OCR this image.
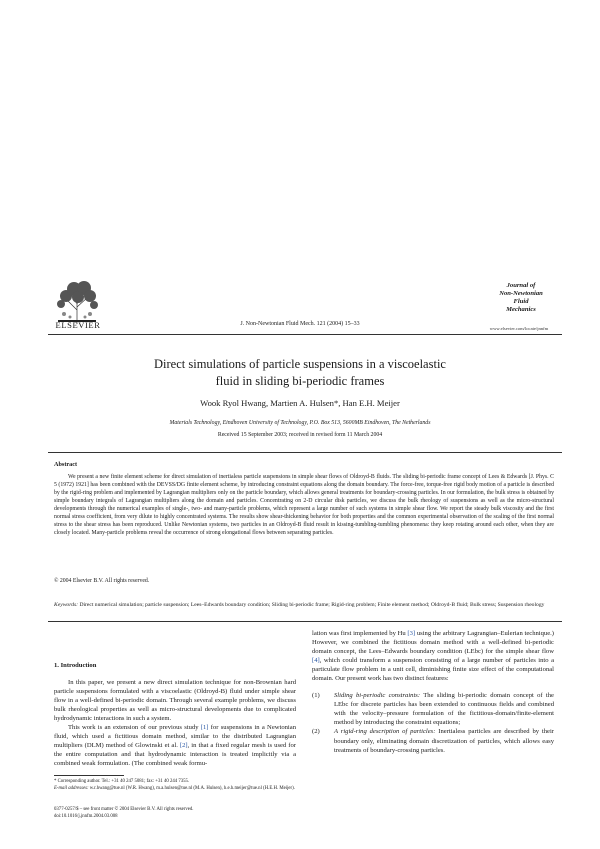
ELSEVIER	J. Non-Newtonian Fluid Mech. 121 (2004) 15–33
Journal of
Non-Newtonian
Fluid
Mechanics
www.elsevier.com/locate/jnnfm
Direct simulations of particle suspensions in a viscoelastic
fluid in sliding bi-periodic frames
Wook Ryol Hwang, Martien A. Hulsen*, Han E.H. Meijer
Materials Technology, Eindhoven University of Technology, P.O. Box 513, 5600MB Eindhoven, The Netherlands
Received 15 September 2003; received in revised form 11 March 2004
Abstract
We present a new finite element scheme for direct simulation of inertialess particle suspensions in simple shear flows of Oldroyd-B fluids. The sliding bi-periodic frame concept of Lees & Edwards [J. Phys. C 5 (1972) 1921] has been combined with the DEVSS/DG finite element scheme, by introducing constraint equations along the domain boundary. The force-free, torque-free rigid body motion of a particle is described by the rigid-ring problem and implemented by Lagrangian multipliers only on the particle boundary, which allows general treatments for boundary-crossing particles. In our formulation, the bulk stress is obtained by simple boundary integrals of Lagrangian multipliers along the domain and particles. Concentrating on 2-D circular disk particles, we discuss the bulk rheology of suspensions as well as the micro-structural developments through the numerical examples of single-, two- and many-particle problems, which represent a large number of such systems in simple shear flow. We report the steady bulk viscosity and the first normal stress coefficient, from very dilute to highly concentrated systems. The results show shear-thickening behavior for both properties and the common experimental observation of the scaling of the first normal stress to the shear stress has been reproduced. Unlike Newtonian systems, two particles in an Oldroyd-B fluid result in kissing-tumbling-tumbling phenomena: they keep rotating around each other, when they are closely located. Many-particle problems reveal the occurrence of strong elongational flows between separating particles.
© 2004 Elsevier B.V. All rights reserved.
Keywords: Direct numerical simulation; particle suspension; Lees–Edwards boundary condition; Sliding bi-periodic frame; Rigid-ring problem; Finite element method; Oldroyd-B fluid; Bulk stress; Suspension rheology
1. Introduction

In this paper, we present a new direct simulation technique for non-Brownian hard particle suspensions formulated with a viscoelastic (Oldroyd-B) fluid under simple shear flow in a well-defined bi-periodic domain. Through several example problems, we discuss bulk rheological properties as well as micro-structural developments due to complicated hydrodynamic interactions in such a system.

This work is an extension of our previous study [1] for suspensions in a Newtonian fluid, which used a fictitious domain method, similar to the distributed Lagrangian multipliers (DLM) method of Glowinski et al. [2], in that a fixed regular mesh is used for the entire computation and that hydrodynamic interaction is treated implicitly via a combined weak formulation. (The combined weak formu-

* Corresponding author. Tel.: +31 40 247 5081; fax: +31 40 244 7355.
E-mail addresses: w.r.hwang@tue.nl (W.R. Hwang), m.a.hulsen@tue.nl (M.A. Hulsen), h.e.h.meijer@tue.nl (H.E.H. Meijer).
0377-0257/$ – see front matter © 2004 Elsevier B.V. All rights reserved.
doi:10.1016/j.jnnfm.2004.03.008

lation was first implemented by Hu [3] using the arbitrary Lagrangian–Eulerian technique.) However, we combined the fictitious domain method with a well-defined bi-periodic domain concept, the Lees–Edwards boundary condition (LEbc) for the simple shear flow [4], which could transform a suspension consisting of a large number of particles into a particulate flow problem in a unit cell, diminishing finite size effect of the computational domain. Our present work has two distinct features:

(1) Sliding bi-periodic constraints: The sliding bi-periodic domain concept of the LEbc for discrete particles has been extended to continuous fields and combined with the velocity–pressure formulation of the fictitious-domain/finite-element method by introducing the constraint equations;
(2) A rigid-ring description of particles: Inertialess particles are described by their boundary only, eliminating domain discretization of particles, which allows easy treatments of boundary-crossing particles.
